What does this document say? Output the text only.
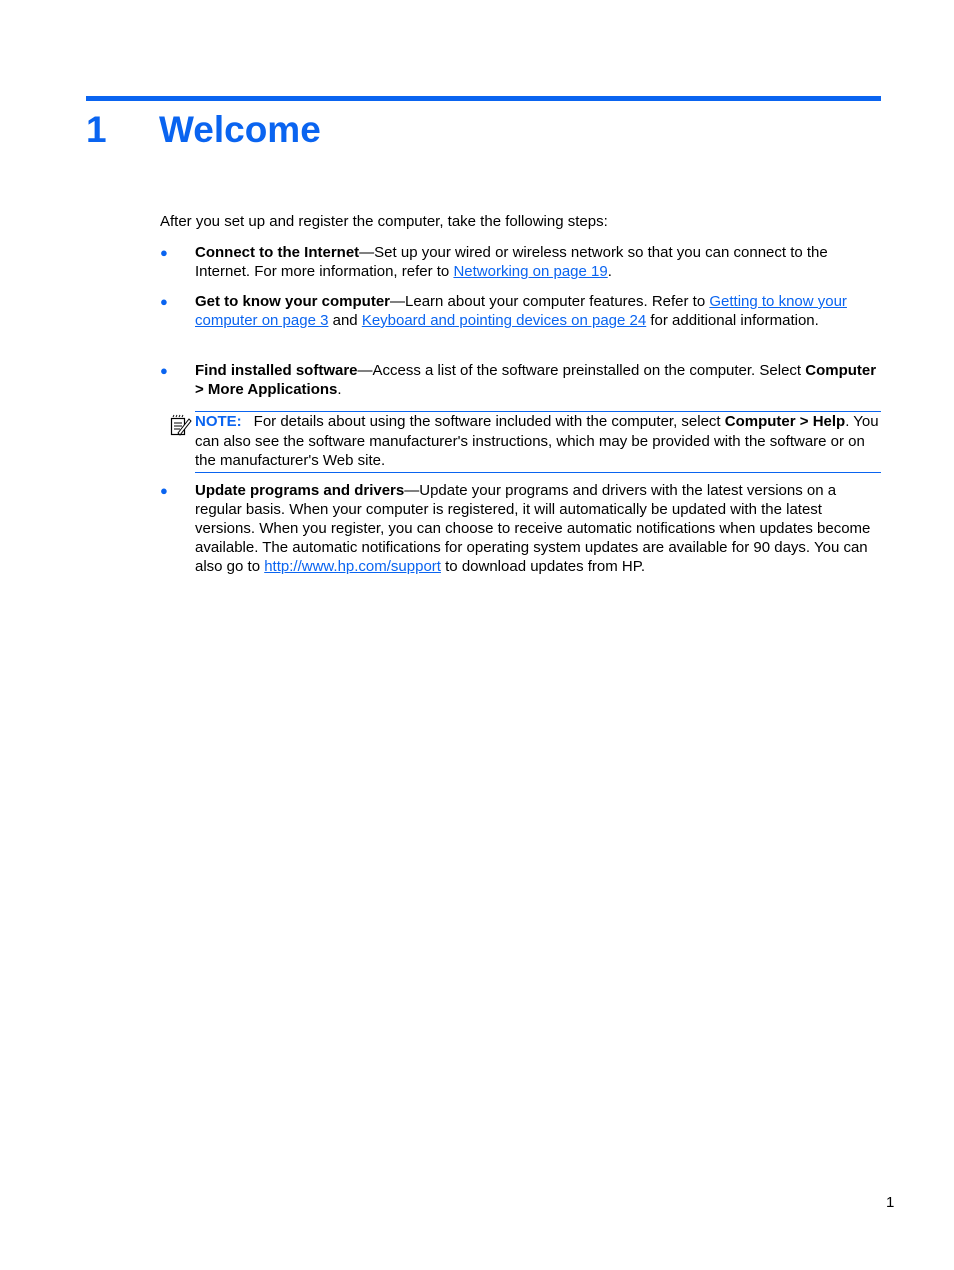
1 Welcome
After you set up and register the computer, take the following steps:
● Connect to the Internet—Set up your wired or wireless network so that you can connect to the Internet. For more information, refer to Networking on page 19.
● Get to know your computer—Learn about your computer features. Refer to Getting to know your computer on page 3 and Keyboard and pointing devices on page 24 for additional information.
● Find installed software—Access a list of the software preinstalled on the computer. Select Computer > More Applications.
NOTE: For details about using the software included with the computer, select Computer > Help. You can also see the software manufacturer's instructions, which may be provided with the software or on the manufacturer's Web site.
● Update programs and drivers—Update your programs and drivers with the latest versions on a regular basis. When your computer is registered, it will automatically be updated with the latest versions. When you register, you can choose to receive automatic notifications when updates become available. The automatic notifications for operating system updates are available for 90 days. You can also go to http://www.hp.com/support to download updates from HP.
1
